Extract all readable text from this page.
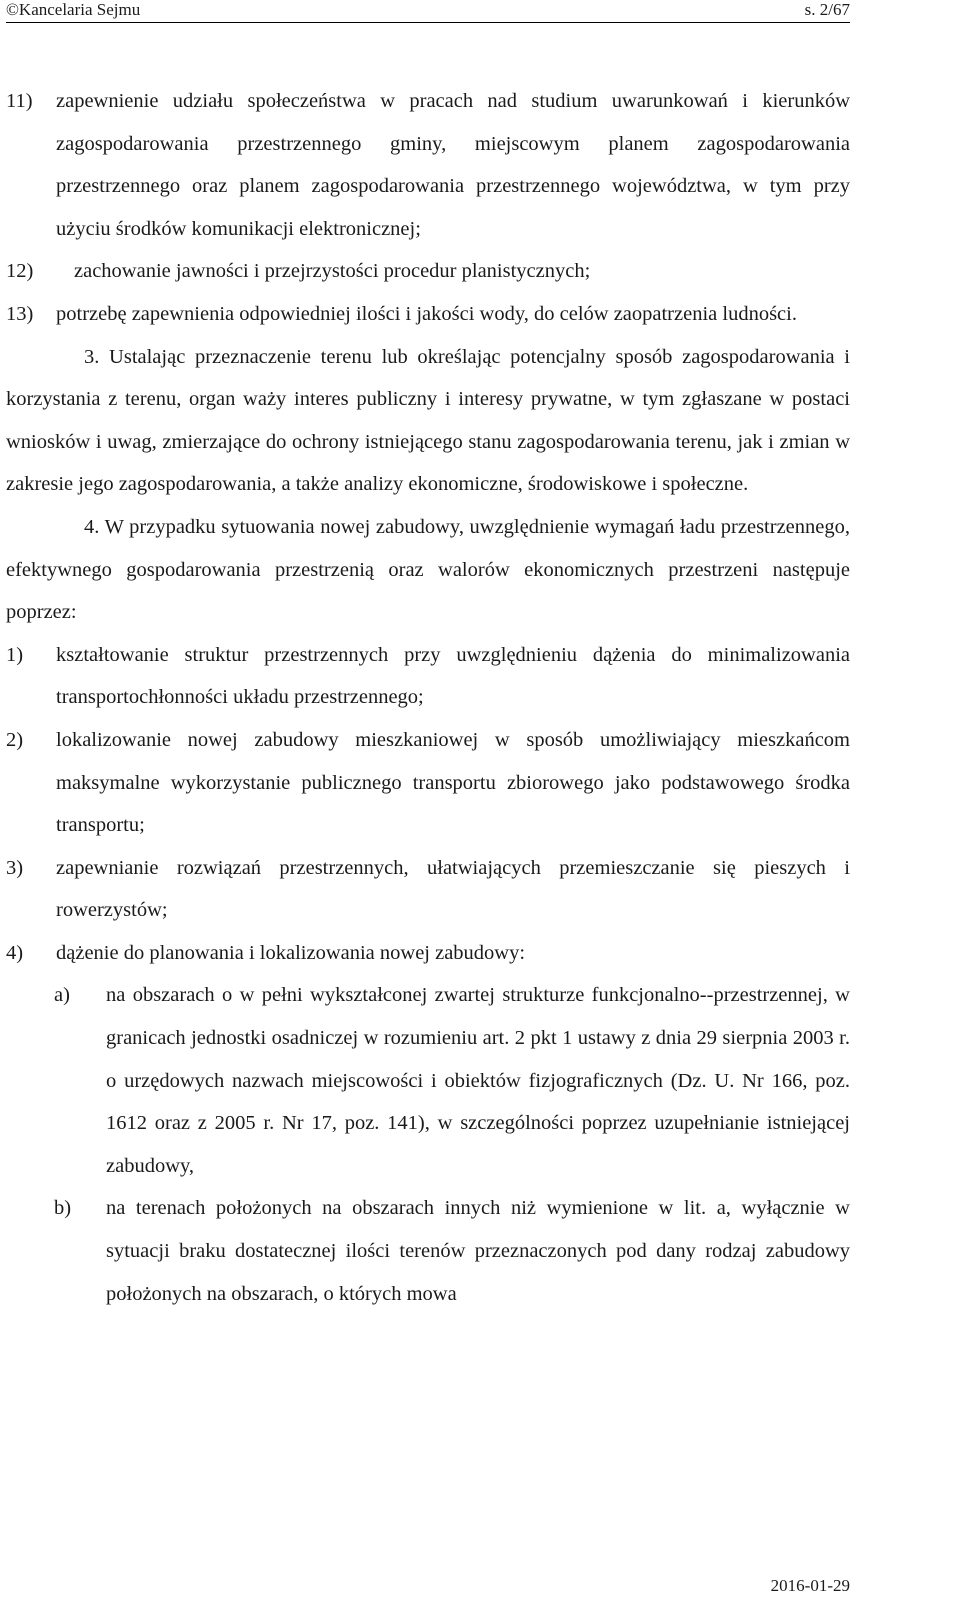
©Kancelaria Sejmu	s. 2/67
11) zapewnienie udziału społeczeństwa w pracach nad studium uwarunkowań i kierunków zagospodarowania przestrzennego gminy, miejscowym planem zagospodarowania przestrzennego oraz planem zagospodarowania przestrzennego województwa, w tym przy użyciu środków komunikacji elektronicznej;
12) zachowanie jawności i przejrzystości procedur planistycznych;
13) potrzebę zapewnienia odpowiedniej ilości i jakości wody, do celów zaopatrzenia ludności.
3. Ustalając przeznaczenie terenu lub określając potencjalny sposób zagospodarowania i korzystania z terenu, organ waży interes publiczny i interesy prywatne, w tym zgłaszane w postaci wniosków i uwag, zmierzające do ochrony istniejącego stanu zagospodarowania terenu, jak i zmian w zakresie jego zagospodarowania, a także analizy ekonomiczne, środowiskowe i społeczne.
4. W przypadku sytuowania nowej zabudowy, uwzględnienie wymagań ładu przestrzennego, efektywnego gospodarowania przestrzenią oraz walorów ekonomicznych przestrzeni następuje poprzez:
1) kształtowanie struktur przestrzennych przy uwzględnieniu dążenia do minimalizowania transportochłonności układu przestrzennego;
2) lokalizowanie nowej zabudowy mieszkaniowej w sposób umożliwiający mieszkańcom maksymalne wykorzystanie publicznego transportu zbiorowego jako podstawowego środka transportu;
3) zapewnianie rozwiązań przestrzennych, ułatwiających przemieszczanie się pieszych i rowerzystów;
4) dążenie do planowania i lokalizowania nowej zabudowy:
a) na obszarach o w pełni wykształconej zwartej strukturze funkcjonalno--przestrzennej, w granicach jednostki osadniczej w rozumieniu art. 2 pkt 1 ustawy z dnia 29 sierpnia 2003 r. o urzędowych nazwach miejscowości i obiektów fizjograficznych (Dz. U. Nr 166, poz. 1612 oraz z 2005 r. Nr 17, poz. 141), w szczególności poprzez uzupełnianie istniejącej zabudowy,
b) na terenach położonych na obszarach innych niż wymienione w lit. a, wyłącznie w sytuacji braku dostatecznej ilości terenów przeznaczonych pod dany rodzaj zabudowy położonych na obszarach, o których mowa
2016-01-29
